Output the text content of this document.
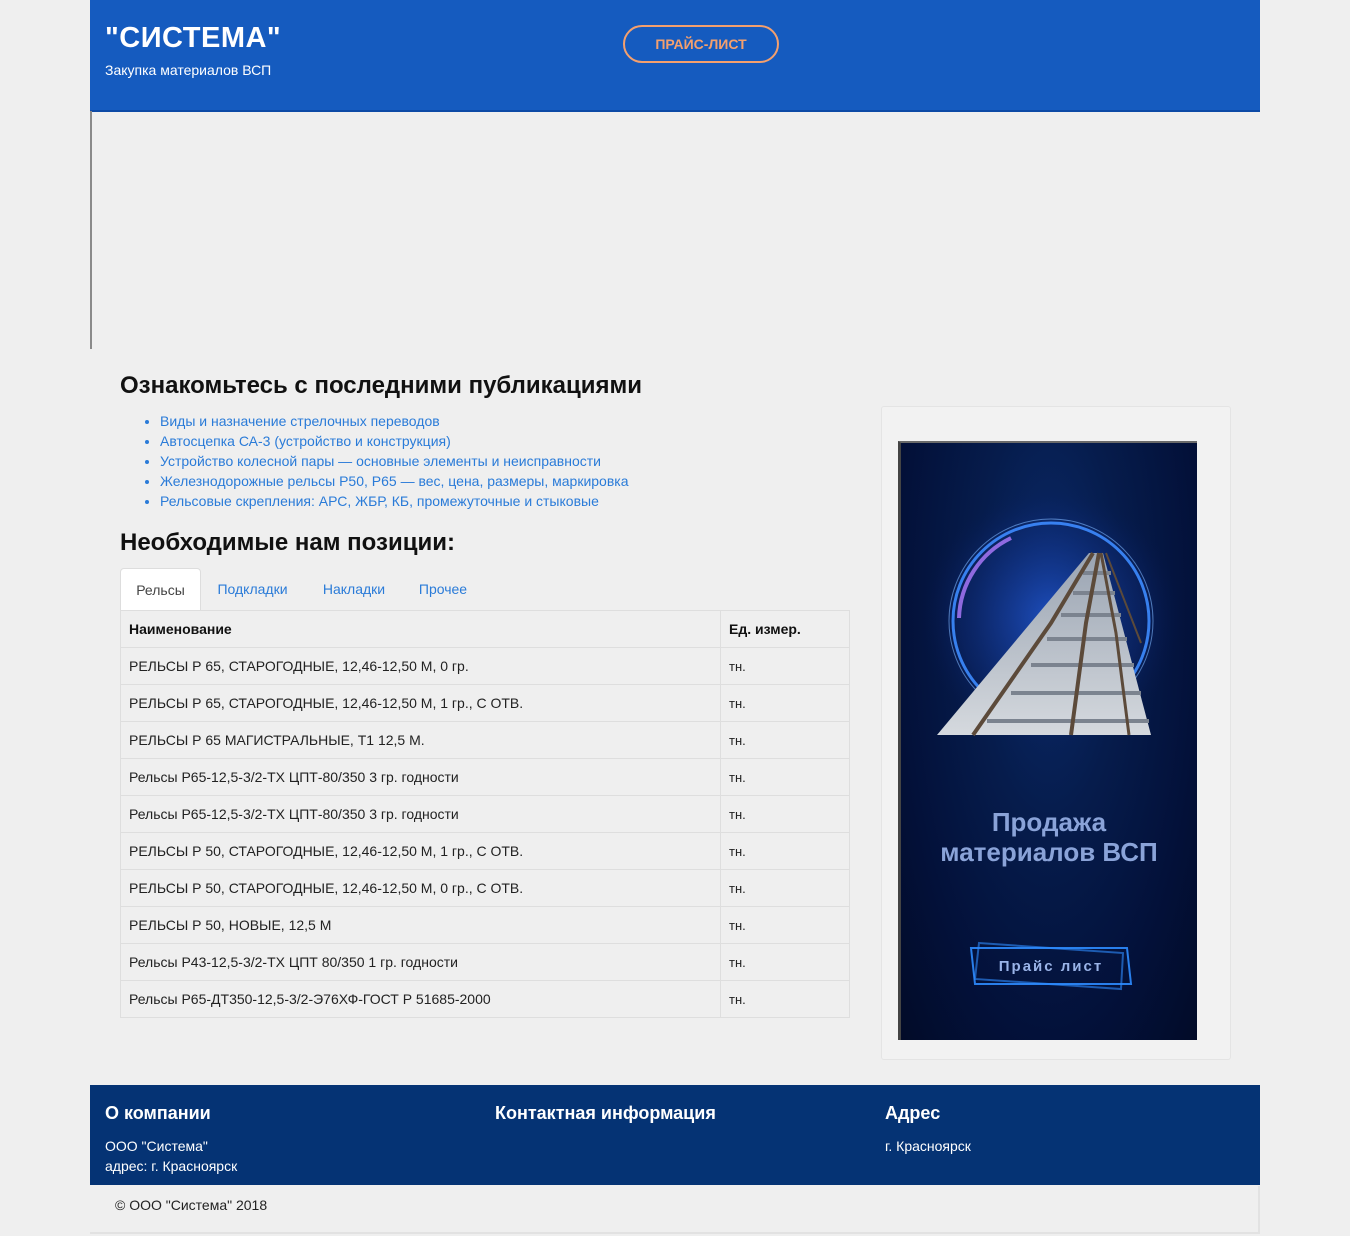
"СИСТЕМА"
Закупка материалов ВСП
ПРАЙС-ЛИСТ
Ознакомьтесь с последними публикациями
• Виды и назначение стрелочных переводов
• Автосцепка СА-3 (устройство и конструкция)
• Устройство колесной пары — основные элементы и неисправности
• Железнодорожные рельсы Р50, Р65 — вес, цена, размеры, маркировка
• Рельсовые скрепления: АРС, ЖБР, КБ, промежуточные и стыковые
Необходимые нам позиции:
Рельсы	Подкладки	Накладки	Прочее
Наименование	Ед. измер.
РЕЛЬСЫ Р 65, СТАРОГОДНЫЕ, 12,46-12,50 М, 0 гр.	тн.
РЕЛЬСЫ Р 65, СТАРОГОДНЫЕ, 12,46-12,50 М, 1 гр., С ОТВ.	тн.
РЕЛЬСЫ Р 65 МАГИСТРАЛЬНЫЕ, Т1 12,5 М.	тн.
Рельсы Р65-12,5-3/2-ТХ ЦПТ-80/350 3 гр. годности	тн.
Рельсы Р65-12,5-3/2-ТХ ЦПТ-80/350 3 гр. годности	тн.
РЕЛЬСЫ Р 50, СТАРОГОДНЫЕ, 12,46-12,50 М, 1 гр., С ОТВ.	тн.
РЕЛЬСЫ Р 50, СТАРОГОДНЫЕ, 12,46-12,50 М, 0 гр., С ОТВ.	тн.
РЕЛЬСЫ Р 50, НОВЫЕ, 12,5 М	тн.
Рельсы Р43-12,5-3/2-ТХ ЦПТ 80/350 1 гр. годности	тн.
Рельсы Р65-ДТ350-12,5-3/2-Э76ХФ-ГОСТ Р 51685-2000	тн.
Продажа
материалов ВСП
Прайс лист
О компании

ООО "Система"

адрес: г. Красноярск

Контактная информация	Адрес

г. Красноярск

© ООО "Система" 2018
